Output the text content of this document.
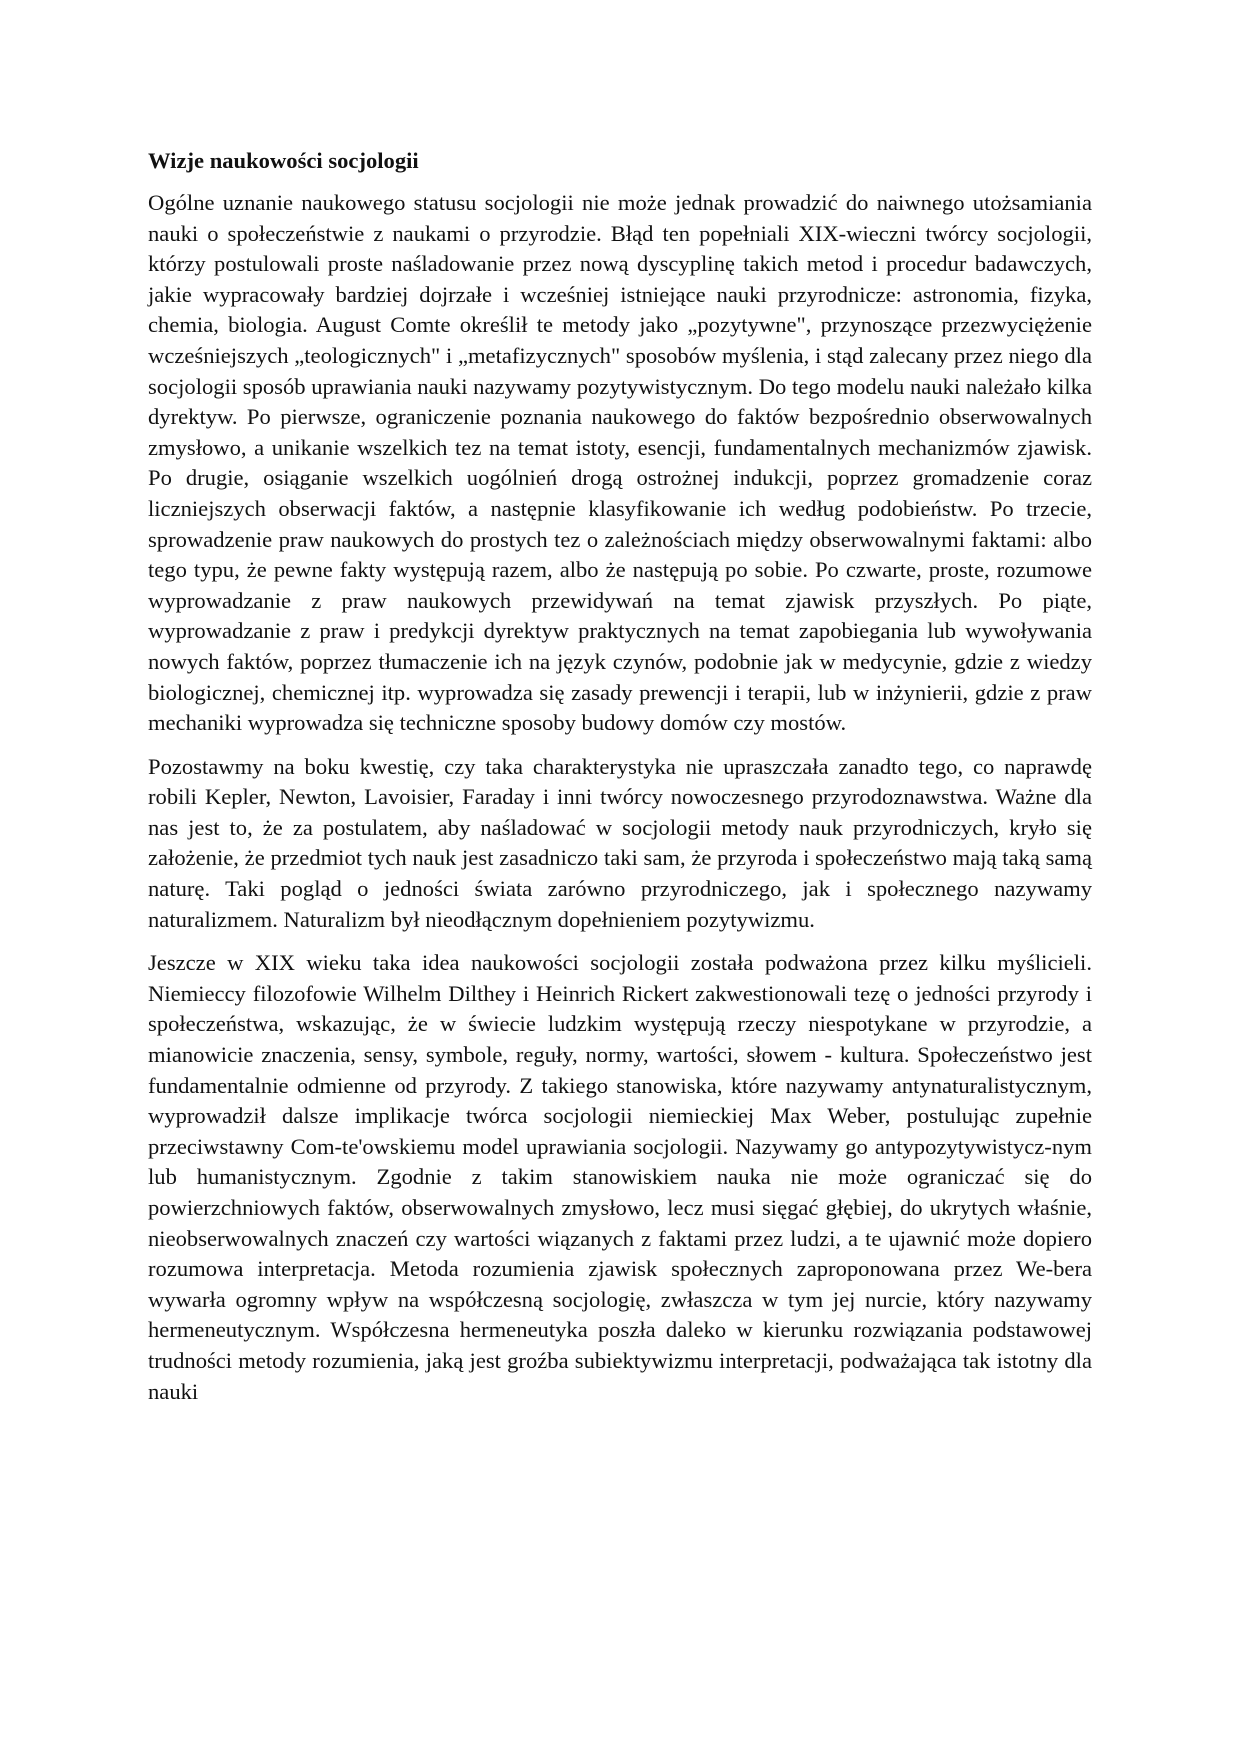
Wizje naukowości socjologii

Ogólne uznanie naukowego statusu socjologii nie może jednak prowadzić do naiwnego utożsamiania nauki o społeczeństwie z naukami o przyrodzie. Błąd ten popełniali XIX-wieczni twórcy socjologii, którzy postulowali proste naśladowanie przez nową dyscyplinę takich metod i procedur badawczych, jakie wypracowały bardziej dojrzałe i wcześniej istniejące nauki przyrodnicze: astronomia, fizyka, chemia, biologia. August Comte określił te metody jako „pozytywne", przynoszące przezwyciężenie wcześniejszych „teologicznych" i „metafizycznych" sposobów myślenia, i stąd zalecany przez niego dla socjologii sposób uprawiania nauki nazywamy pozytywistycznym. Do tego modelu nauki należało kilka dyrektyw. Po pierwsze, ograniczenie poznania naukowego do faktów bezpośrednio obserwowalnych zmysłowo, a unikanie wszelkich tez na temat istoty, esencji, fundamentalnych mechanizmów zjawisk. Po drugie, osiąganie wszelkich uogólnień drogą ostrożnej indukcji, poprzez gromadzenie coraz liczniejszych obserwacji faktów, a następnie klasyfikowanie ich według podobieństw. Po trzecie, sprowadzenie praw naukowych do prostych tez o zależnościach między obserwowalnymi faktami: albo tego typu, że pewne fakty występują razem, albo że następują po sobie. Po czwarte, proste, rozumowe wyprowadzanie z praw naukowych przewidywań na temat zjawisk przyszłych. Po piąte, wyprowadzanie z praw i predykcji dyrektyw praktycznych na temat zapobiegania lub wywoływania nowych faktów, poprzez tłumaczenie ich na język czynów, podobnie jak w medycynie, gdzie z wiedzy biologicznej, chemicznej itp. wyprowadza się zasady prewencji i terapii, lub w inżynierii, gdzie z praw mechaniki wyprowadza się techniczne sposoby budowy domów czy mostów.

Pozostawmy na boku kwestię, czy taka charakterystyka nie upraszczała zanadto tego, co naprawdę robili Kepler, Newton, Lavoisier, Faraday i inni twórcy nowoczesnego przyrodoznawstwa. Ważne dla nas jest to, że za postulatem, aby naśladować w socjologii metody nauk przyrodniczych, kryło się założenie, że przedmiot tych nauk jest zasadniczo taki sam, że przyroda i społeczeństwo mają taką samą naturę. Taki pogląd o jedności świata zarówno przyrodniczego, jak i społecznego nazywamy naturalizmem. Naturalizm był nieodłącznym dopełnieniem pozytywizmu.

Jeszcze w XIX wieku taka idea naukowości socjologii została podważona przez kilku myślicieli. Niemieccy filozofowie Wilhelm Dilthey i Heinrich Rickert zakwestionowali tezę o jedności przyrody i społeczeństwa, wskazując, że w świecie ludzkim występują rzeczy niespotykane w przyrodzie, a mianowicie znaczenia, sensy, symbole, reguły, normy, wartości, słowem - kultura. Społeczeństwo jest fundamentalnie odmienne od przyrody. Z takiego stanowiska, które nazywamy antynaturalistycznym, wyprowadził dalsze implikacje twórca socjologii niemieckiej Max Weber, postulując zupełnie przeciwstawny Com-te'owskiemu model uprawiania socjologii. Nazywamy go antypozytywistycz-nym lub humanistycznym. Zgodnie z takim stanowiskiem nauka nie może ograniczać się do powierzchniowych faktów, obserwowalnych zmysłowo, lecz musi sięgać głębiej, do ukrytych właśnie, nieobserwowalnych znaczeń czy wartości wiązanych z faktami przez ludzi, a te ujawnić może dopiero rozumowa interpretacja. Metoda rozumienia zjawisk społecznych zaproponowana przez We-bera wywarła ogromny wpływ na współczesną socjologię, zwłaszcza w tym jej nurcie, który nazywamy hermeneutycznym. Współczesna hermeneutyka poszła daleko w kierunku rozwiązania podstawowej trudności metody rozumienia, jaką jest groźba subiektywizmu interpretacji, podważająca tak istotny dla nauki
